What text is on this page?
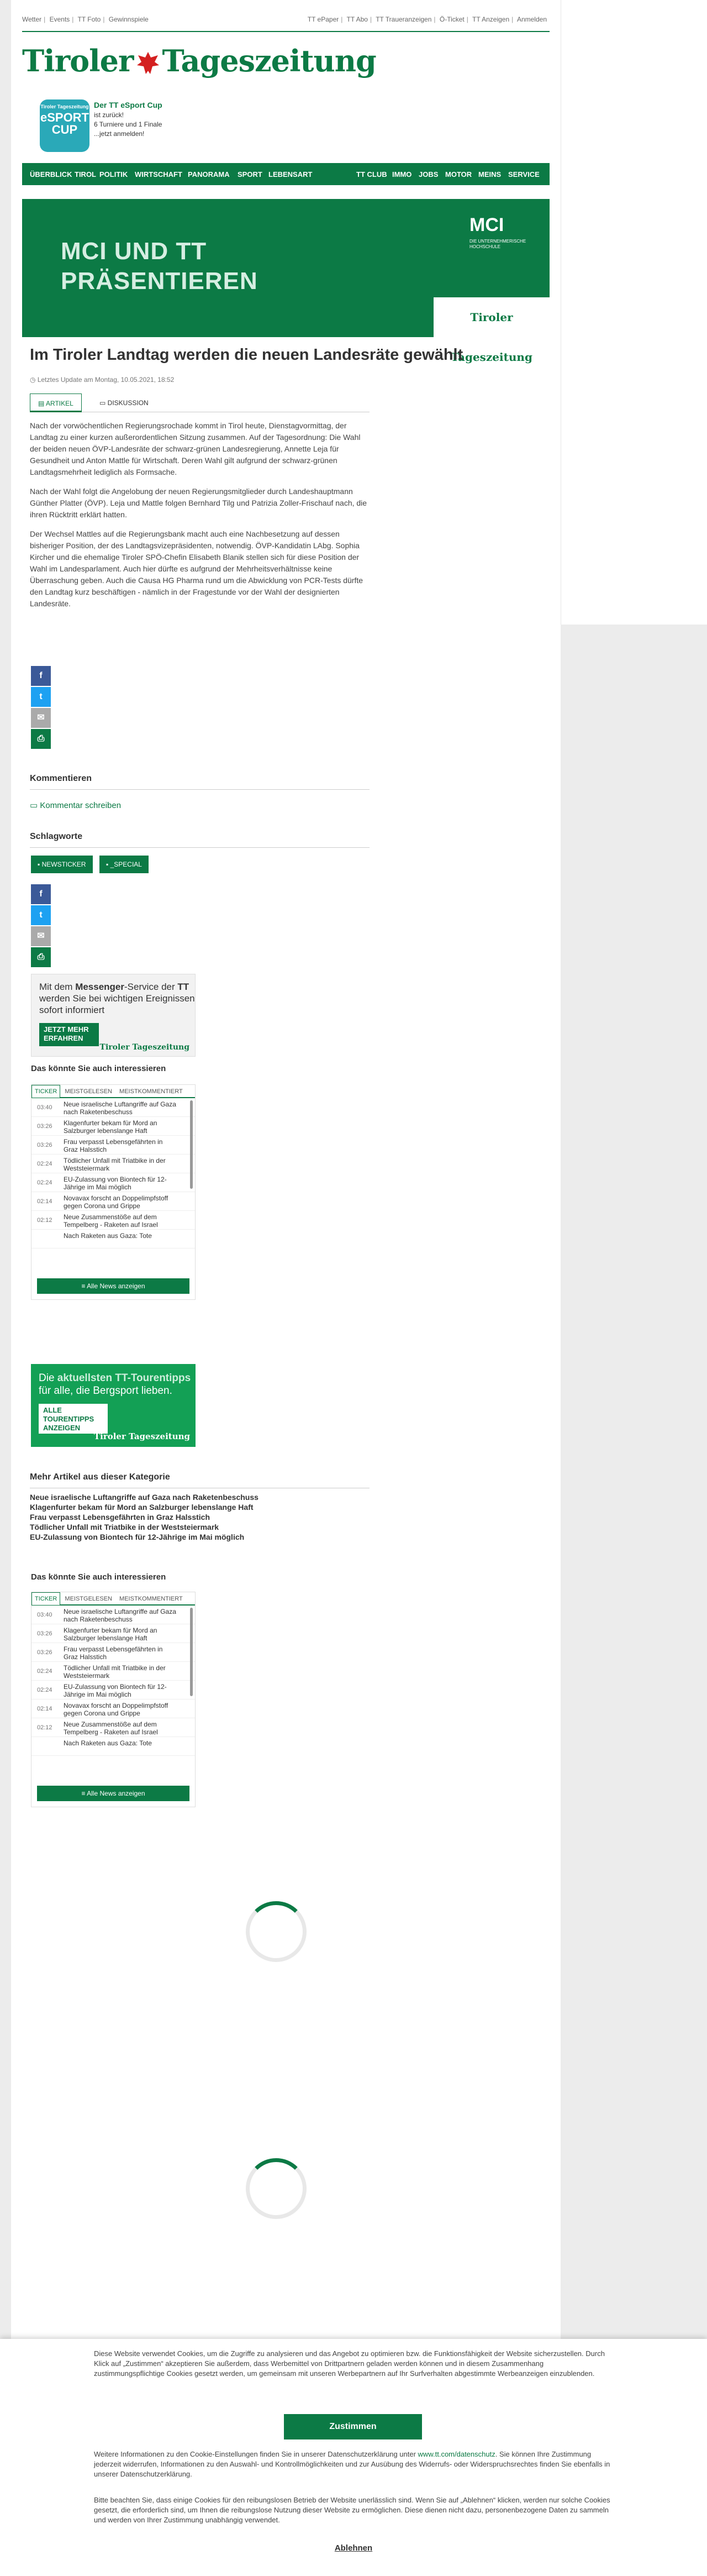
Wetter | Events | TT Foto | Gewinnspiele	TT ePaper | TT Abo | TT Traueranzeigen | Ö-Ticket | TT Anzeigen | Anmelden
Tiroler Tageszeitung
Tiroler Tageszeitung
eSPORT
CUP
Der TT eSport Cup
ist zurück!
6 Turniere und 1 Finale
...jetzt anmelden!
ÜBERBLICK TIROL POLITIK WIRTSCHAFT PANORAMA SPORT LEBENSART	TT CLUB IMMO JOBS MOTOR MEINS SERVICE
MCI UND TT
PRÄSENTIEREN
MCI
DIE UNTERNEHMERISCHE
HOCHSCHULE
Tiroler Tageszeitung
Im Tiroler Landtag werden die neuen Landesräte gewählt
◷ Letztes Update am Montag, 10.05.2021, 18:52
▤ ARTIKEL	▭ DISKUSSION

Nach der vorwöchentlichen Regierungsrochade kommt in Tirol heute, Dienstagvormittag, der Landtag zu einer kurzen außerordentlichen Sitzung zusammen. Auf der Tagesordnung: Die Wahl der beiden neuen ÖVP-Landesräte der schwarz-grünen Landesregierung, Annette Leja für Gesundheit und Anton Mattle für Wirtschaft. Deren Wahl gilt aufgrund der schwarz-grünen Landtagsmehrheit lediglich als Formsache.

Nach der Wahl folgt die Angelobung der neuen Regierungsmitglieder durch Landeshauptmann Günther Platter (ÖVP). Leja und Mattle folgen Bernhard Tilg und Patrizia Zoller-Frischauf nach, die ihren Rücktritt erklärt hatten.

Der Wechsel Mattles auf die Regierungsbank macht auch eine Nachbesetzung auf dessen bisheriger Position, der des Landtagsvizepräsidenten, notwendig. ÖVP-Kandidatin LAbg. Sophia Kircher und die ehemalige Tiroler SPÖ-Chefin Elisabeth Blanik stellen sich für diese Position der Wahl im Landesparlament. Auch hier dürfte es aufgrund der Mehrheitsverhältnisse keine Überraschung geben. Auch die Causa HG Pharma rund um die Abwicklung von PCR-Tests dürfte den Landtag kurz beschäftigen - nämlich in der Fragestunde vor der Wahl der designierten Landesräte.

f
t
✉
⎙
Kommentieren
▭ Kommentar schreiben
Schlagworte
▪ NEWSTICKER	▪ _SPECIAL
f
t
✉
⎙
Mit dem Messenger-Service der TT werden Sie bei wichtigen Ereignissen sofort informiert
JETZT MEHR ERFAHREN
Tiroler Tageszeitung
Das könnte Sie auch interessieren
TICKER MEISTGELESEN MEISTKOMMENTIERT
03:40 Neue israelische Luftangriffe auf Gaza nach Raketenbeschuss
03:26 Klagenfurter bekam für Mord an Salzburger lebenslange Haft
03:26 Frau verpasst Lebensgefährten in Graz Halsstich
02:24 Tödlicher Unfall mit Triatbike in der Weststeiermark
02:24 EU-Zulassung von Biontech für 12-Jährige im Mai möglich
02:14 Novavax forscht an Doppelimpfstoff gegen Corona und Grippe
02:12 Neue Zusammenstöße auf dem Tempelberg - Raketen auf Israel
Nach Raketen aus Gaza: Tote
≡ Alle News anzeigen
Die aktuellsten TT-Tourentipps für alle, die Bergsport lieben.
ALLE TOURENTIPPS ANZEIGEN
Tiroler Tageszeitung
Mehr Artikel aus dieser Kategorie
Neue israelische Luftangriffe auf Gaza nach Raketenbeschuss
Klagenfurter bekam für Mord an Salzburger lebenslange Haft
Frau verpasst Lebensgefährten in Graz Halsstich
Tödlicher Unfall mit Triatbike in der Weststeiermark
EU-Zulassung von Biontech für 12-Jährige im Mai möglich
Das könnte Sie auch interessieren
TICKER MEISTGELESEN MEISTKOMMENTIERT
03:40 Neue israelische Luftangriffe auf Gaza nach Raketenbeschuss
03:26 Klagenfurter bekam für Mord an Salzburger lebenslange Haft
03:26 Frau verpasst Lebensgefährten in Graz Halsstich
02:24 Tödlicher Unfall mit Triatbike in der Weststeiermark
02:24 EU-Zulassung von Biontech für 12-Jährige im Mai möglich
02:14 Novavax forscht an Doppelimpfstoff gegen Corona und Grippe
02:12 Neue Zusammenstöße auf dem Tempelberg - Raketen auf Israel
Nach Raketen aus Gaza: Tote
≡ Alle News anzeigen
Diese Website verwendet Cookies, um die Zugriffe zu analysieren und das Angebot zu optimieren bzw. die Funktionsfähigkeit der Website sicherzustellen. Durch Klick auf „Zustimmen“ akzeptieren Sie außerdem, dass Werbemittel von Drittpartnern geladen werden können und in diesem Zusammenhang zustimmungspflichtige Cookies gesetzt werden, um gemeinsam mit unseren Werbepartnern auf Ihr Surfverhalten abgestimmte Werbeanzeigen einzublenden.
Zustimmen
Weitere Informationen zu den Cookie-Einstellungen finden Sie in unserer Datenschutzerklärung unter www.tt.com/datenschutz. Sie können Ihre Zustimmung jederzeit widerrufen, Informationen zu den Auswahl- und Kontrollmöglichkeiten und zur Ausübung des Widerrufs- oder Widerspruchsrechtes finden Sie ebenfalls in unserer Datenschutzerklärung.
Bitte beachten Sie, dass einige Cookies für den reibungslosen Betrieb der Website unerlässlich sind. Wenn Sie auf „Ablehnen“ klicken, werden nur solche Cookies gesetzt, die erforderlich sind, um Ihnen die reibungslose Nutzung dieser Website zu ermöglichen. Diese dienen nicht dazu, personenbezogene Daten zu sammeln und werden von Ihrer Zustimmung unabhängig verwendet.
Ablehnen
